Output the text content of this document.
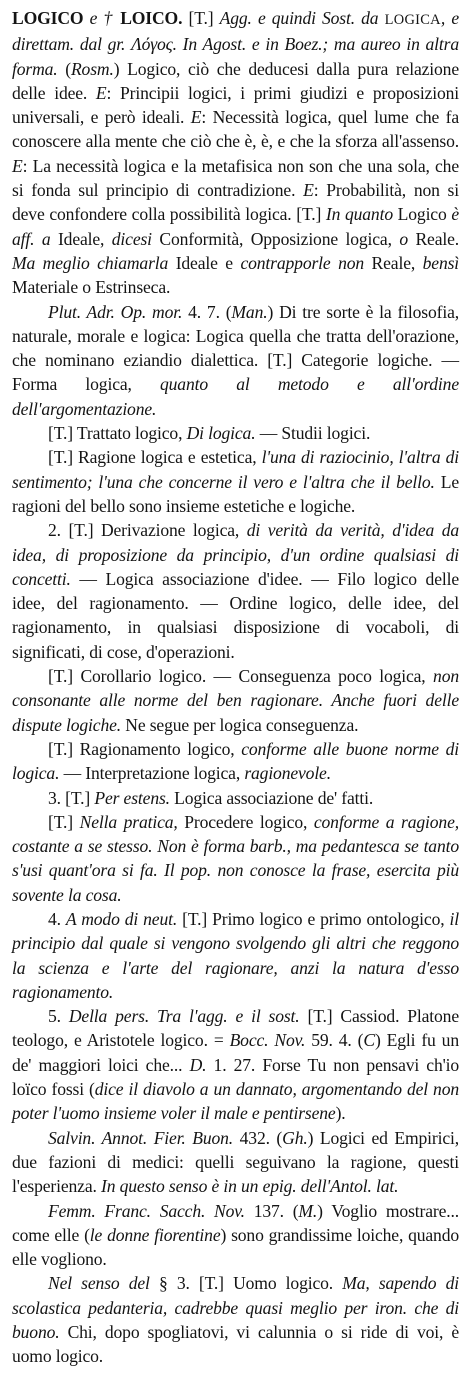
LOGICO e † LOICO. [T.] Agg. e quindi Sost. da LOGICA, e direttam. dal gr. Λόγος. In Agost. e in Boez.; ma aureo in altra forma. (Rosm.) Logico, ciò che deducesi dalla pura relazione delle idee. E: Principii logici, i primi giudizi e proposizioni universali, e però ideali. E: Necessità logica, quel lume che fa conoscere alla mente che ciò che è, è, e che la sforza all'assenso. E: La necessità logica e la metafisica non son che una sola, che si fonda sul principio di contradizione. E: Probabilità, non si deve confondere colla possibilità logica. [T.] In quanto Logico è aff. a Ideale, dicesi Conformità, Opposizione logica, o Reale. Ma meglio chiamarla Ideale e contrapporle non Reale, bensì Materiale o Estrinseca.

Plut. Adr. Op. mor. 4. 7. (Man.) Di tre sorte è la filosofia, naturale, morale e logica: Logica quella che tratta dell'orazione, che nominano eziandio dialettica. [T.] Categorie logiche. — Forma logica, quanto al metodo e all'ordine dell'argomentazione.

[T.] Trattato logico, Di logica. — Studii logici.

[T.] Ragione logica e estetica, l'una di raziocinio, l'altra di sentimento; l'una che concerne il vero e l'altra che il bello. Le ragioni del bello sono insieme estetiche e logiche.

2. [T.] Derivazione logica, di verità da verità, d'idea da idea, di proposizione da principio, d'un ordine qualsiasi di concetti. — Logica associazione d'idee. — Filo logico delle idee, del ragionamento. — Ordine logico, delle idee, del ragionamento, in qualsiasi disposizione di vocaboli, di significati, di cose, d'operazioni.

[T.] Corollario logico. — Conseguenza poco logica, non consonante alle norme del ben ragionare. Anche fuori delle dispute logiche. Ne segue per logica conseguenza.

[T.] Ragionamento logico, conforme alle buone norme di logica. — Interpretazione logica, ragionevole.

3. [T.] Per estens. Logica associazione de' fatti.

[T.] Nella pratica, Procedere logico, conforme a ragione, costante a se stesso. Non è forma barb., ma pedantesca se tanto s'usi quant'ora si fa. Il pop. non conosce la frase, esercita più sovente la cosa.

4. A modo di neut. [T.] Primo logico e primo ontologico, il principio dal quale si vengono svolgendo gli altri che reggono la scienza e l'arte del ragionare, anzi la natura d'esso ragionamento.

5. Della pers. Tra l'agg. e il sost. [T.] Cassiod. Platone teologo, e Aristotele logico. = Bocc. Nov. 59. 4. (C) Egli fu un de' maggiori loici che... D. 1. 27. Forse Tu non pensavi ch'io loïco fossi (dice il diavolo a un dannato, argomentando del non poter l'uomo insieme voler il male e pentirsene).

Salvin. Annot. Fier. Buon. 432. (Gh.) Logici ed Empirici, due fazioni di medici: quelli seguivano la ragione, questi l'esperienza. In questo senso è in un epig. dell'Antol. lat.

Femm. Franc. Sacch. Nov. 137. (M.) Voglio mostrare... come elle (le donne fiorentine) sono grandissime loiche, quando elle vogliono.

Nel senso del § 3. [T.] Uomo logico. Ma, sapendo di scolastica pedanteria, cadrebbe quasi meglio per iron. che di buono. Chi, dopo spogliatovi, vi calunnia o si ride di voi, è uomo logico.
